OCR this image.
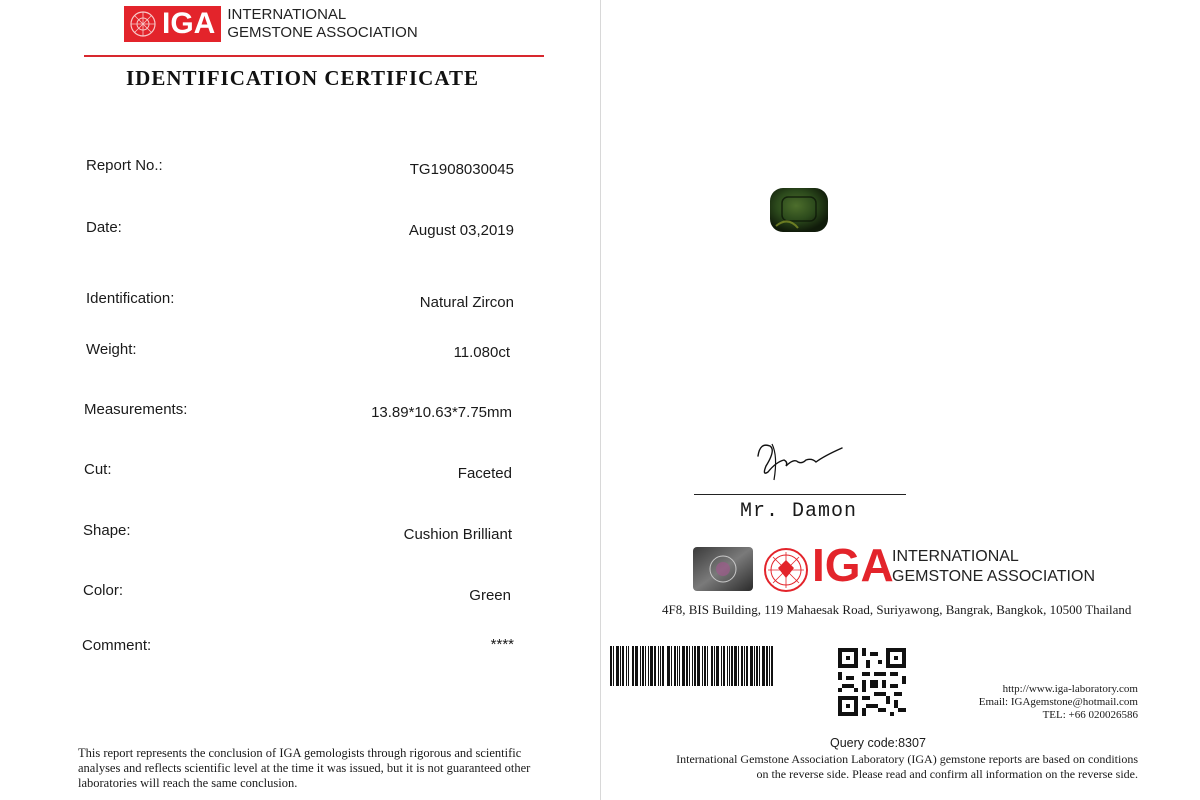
IGA INTERNATIONAL
GEMSTONE ASSOCIATION
IDENTIFICATION CERTIFICATE
Report No.:	TG1908030045
Date:	August 03,2019
Identification:	Natural Zircon
Weight:	11.080ct
Measurements:	13.89*10.63*7.75mm
Cut:	Faceted
Shape:	Cushion Brilliant
Color:	Green
Comment:	****
This report represents the conclusion of IGA gemologists through rigorous and scientific analyses and reflects scientific level at the time it was issued, but it is not guaranteed other laboratories will reach the same conclusion.
Mr. Damon
IGA
INTERNATIONAL
GEMSTONE ASSOCIATION
4F8, BIS Building, 119 Mahaesak Road, Suriyawong, Bangrak, Bangkok, 10500 Thailand
http://www.iga-laboratory.com
Email: IGAgemstone@hotmail.com
TEL: +66 020026586
Query code:8307
International Gemstone Association Laboratory (IGA) gemstone reports are based on conditions on the reverse side. Please read and confirm all information on the reverse side.
